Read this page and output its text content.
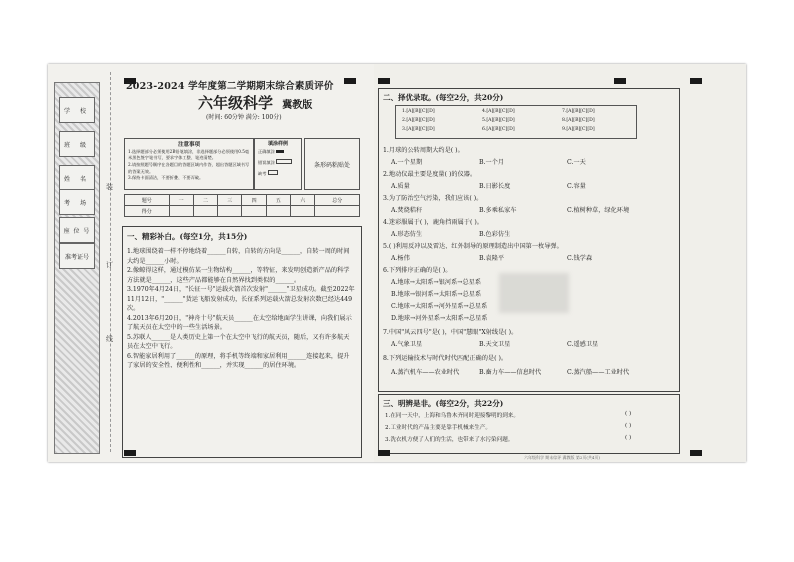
学 校
班 级
姓 名
考 场
座 位 号
准考证号
装
订
线
2023-2024 学年度第二学期期末综合素质评价
六年级科学 冀教版
(时间: 60分钟 满分: 100分)
注意事项
1.选择题部分必须使用2B铅笔填涂，非选择题部分必须使用0.5毫米黑色签字笔书写，要求字体工整、笔迹清楚。
2.请按照题号顺序在各题目的答题区域内作答，超出答题区域书写的答案无效。
3.保持卡面清洁，不要折叠、不要弄破。
填涂样例
正确填涂
错误填涂
缺考
条形码粘贴处
题号	一	二	三	四	五	六	总分
得分							
一、精彩补白。(每空1分，共15分)
1.地球围绕着一样不停地绕着______自转，自转的方向是______，自转一周的时间大约是______小时。
2.像鲸得这样，通过模仿某一生物结构______，等特征，来发明创造新产品的科学方法就是______，这些产品都能够在自然界找到类似的______。
3.1970年4月24日，"长征一号"运载火箭首次发射"______"卫星成功。截至2022年11月12日，"______"货运飞船发射成功，长征系列运载火箭总发射次数已经达449次。
4.2013年6月20日，"神舟十号"航天员______在太空给地面学生讲课，向我们展示了航天员在太空中的一些生活场景。
5.苏联人______是人类历史上第一个在太空中飞行的航天员，随后，又有许多航天员在太空中飞行。
6.智能家居利用了______的原理，将手机等终端和家居利用______连接起来，提升了家居的安全性、便利性和______，并实现______的居住环境。
二、择优录取。(每空2分，共20分)
1.[A][B][C][D]	4.[A][B][C][D]	7.[A][B][C][D]
2.[A][B][C][D]	5.[A][B][C][D]	8.[A][B][C][D]
3.[A][B][C][D]	6.[A][B][C][D]	9.[A][B][C][D]
1.月球的公转周期大约是( )。
A.一个星期	B.一个月	C.一天
2.地动仪最主要是度量( )的仪器。
A.质量	B.日影长度	C.容量
3.为了防治空气污染，我们应该( )。
A.焚烧秸秆	B.多乘私家车	C.植树种草，绿化环境
4.迷彩服属于( )，鹿角挡雨属于( )。
A.形态仿生	B.色彩仿生
5.( )利用反冲以及雷达、红外制导的原理制造出中国第一枚导弹。
A.杨伟	B.袁隆平	C.钱学森
6.下列排序正确的是( )。
A.地球→太阳系→银河系→总星系
B.地球→银河系→太阳系→总星系
C.地球→太阳系→河外星系→总星系
D.地球→河外星系→太阳系→总星系
7.中国"风云四号"是( )，中国"慧眼"X射线是( )。
A.气象卫星	B.天文卫星	C.遥感卫星
8.下列运输技术与时代时代匹配正确的是( )。
A.蒸汽机车——农业时代	B.畜力车——信息时代	C.蒸汽船——工业时代
三、明辨是非。(每空2分，共22分)
1.在同一天中，上海和乌鲁木齐同时迎接黎明的到来。	( )
2.工业时代的产品主要是靠手机械来生产。	( )
3.洗衣机方便了人们的生活，也带来了水污染问题。	( )
六年级科学 期末综评 冀教版 第2页(共4页)
